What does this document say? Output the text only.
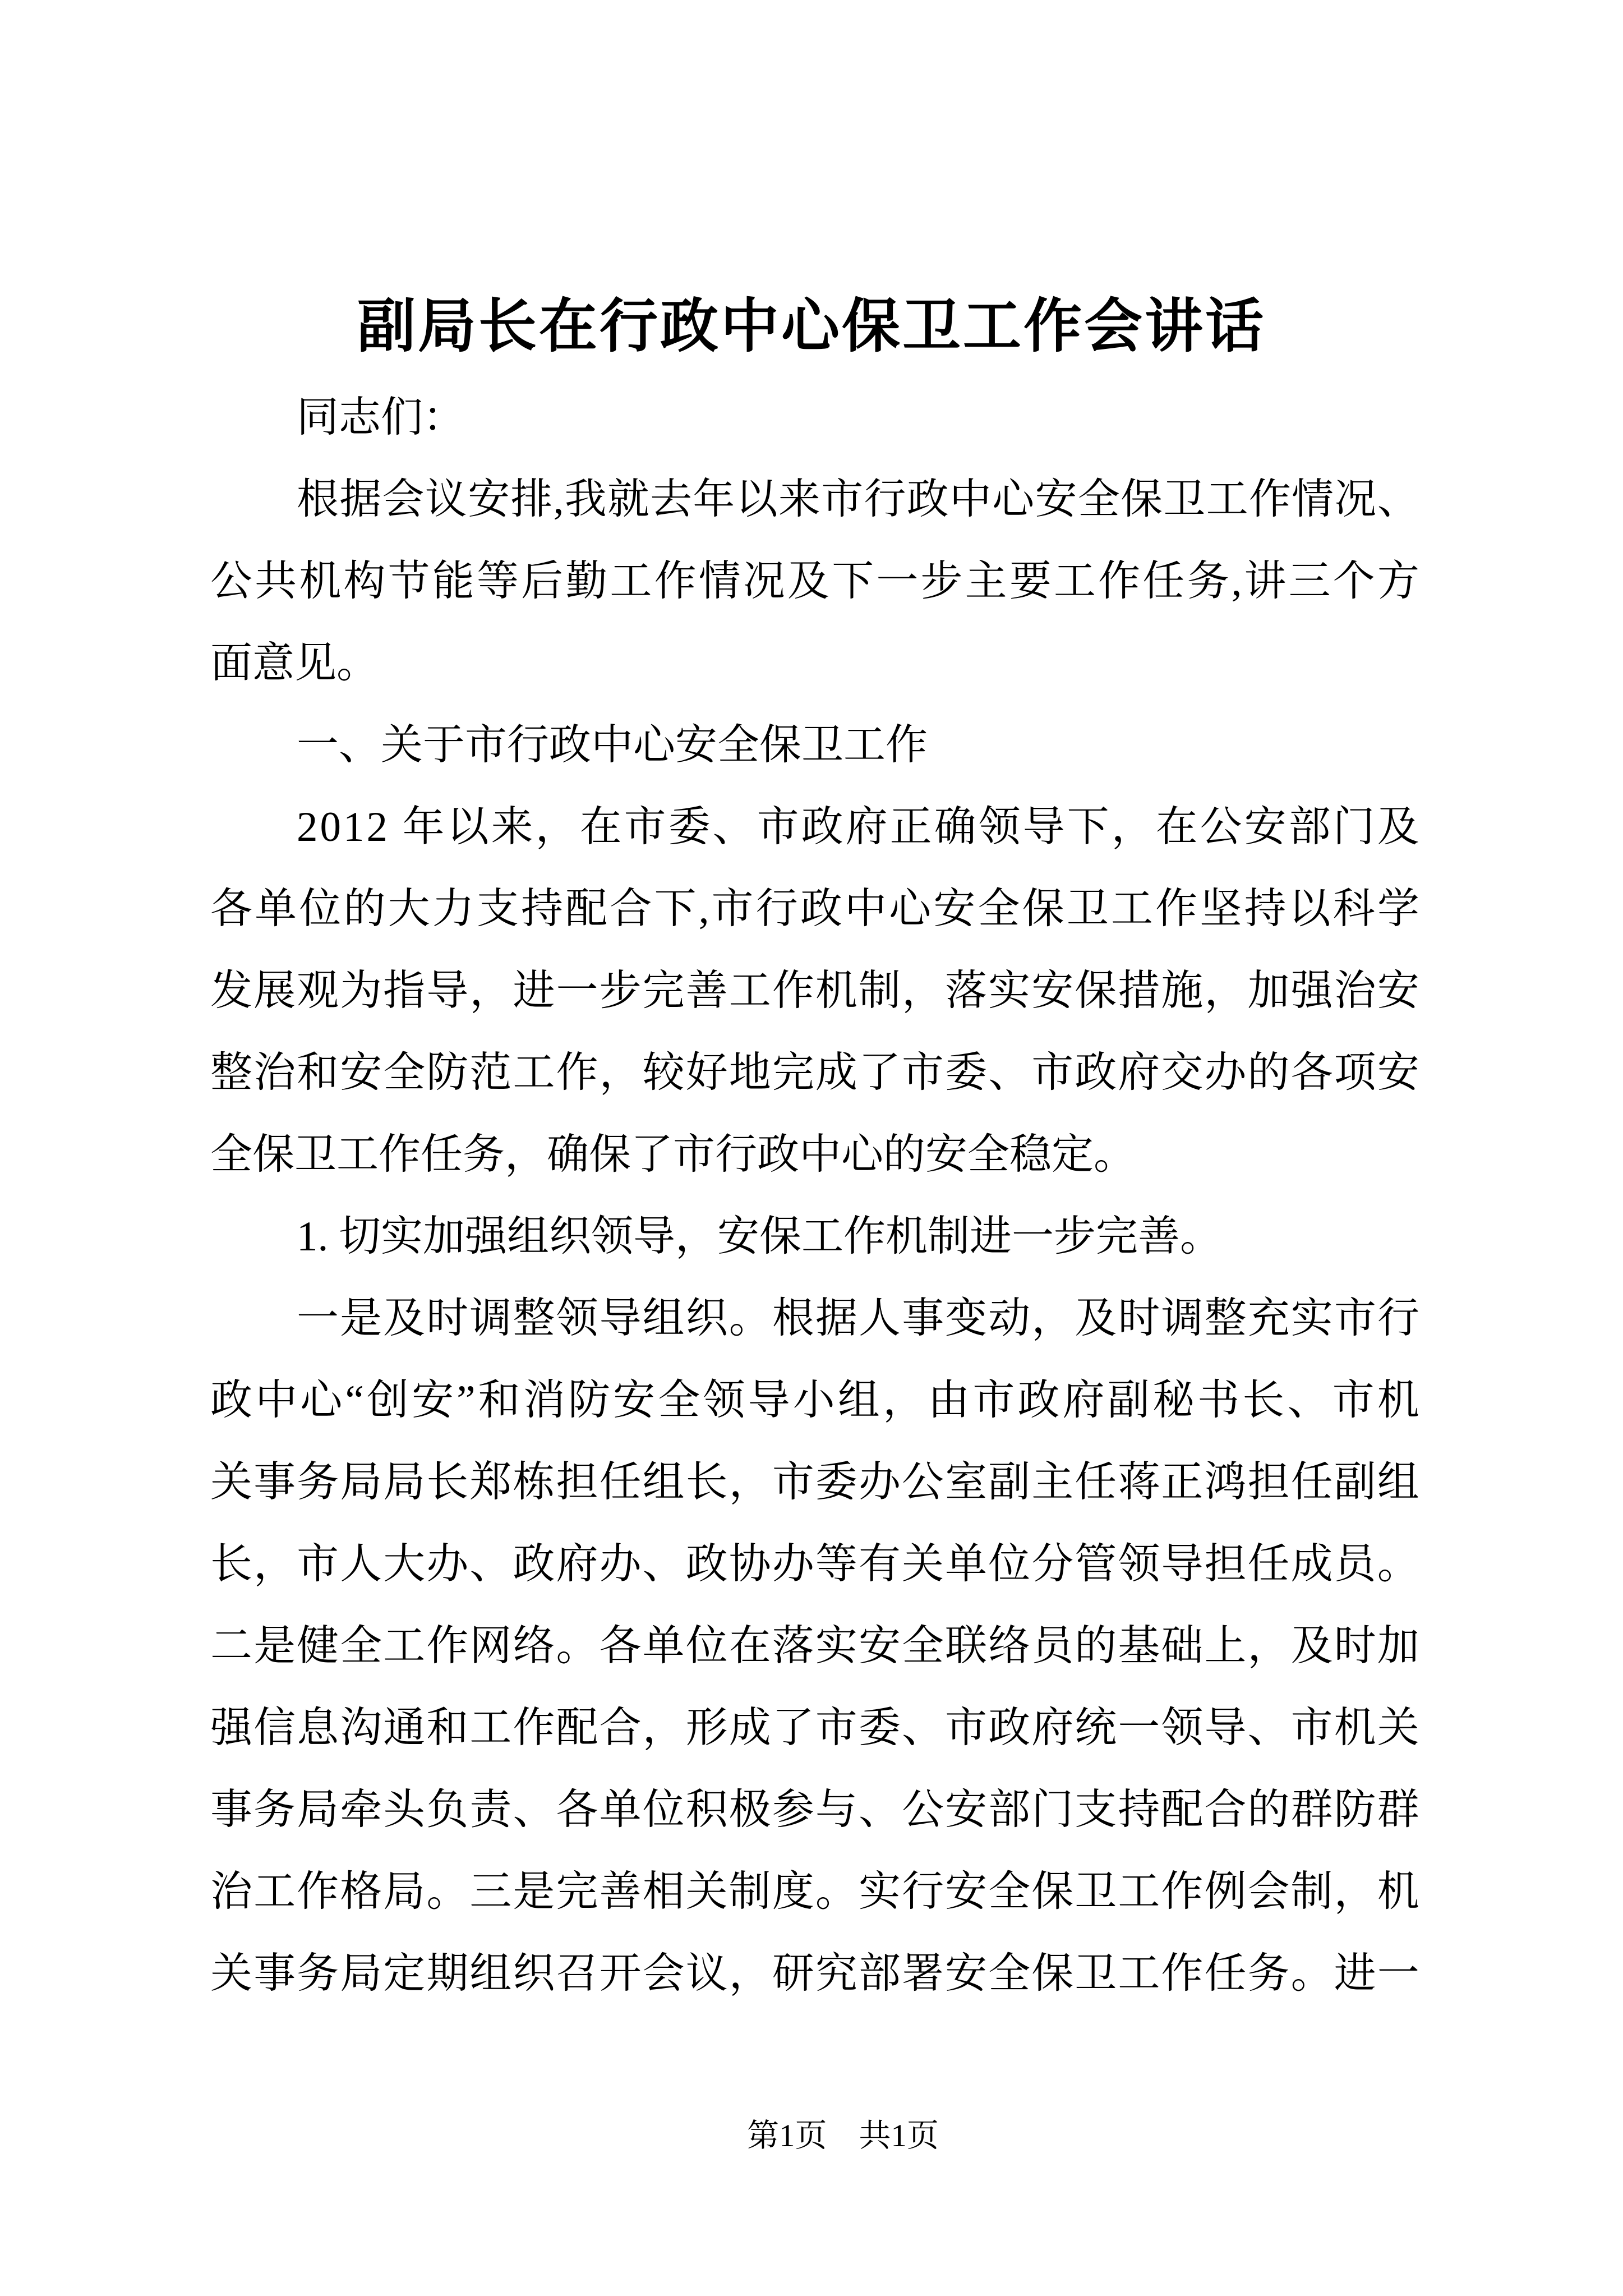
副局长在行政中心保卫工作会讲话
同志们：
根 据 会 议 安 排 , 我 就 去 年 以 来 市 行 政 中 心 安 全 保 卫 工 作 情 况 、
公 共 机 构 节 能 等 后 勤 工 作 情 况 及 下 一 步 主 要 工 作 任 务 , 讲 三 个 方
面意见。
一、关于市行政中心安全保卫工作
2 0 1 2
年 以 来 ， 在 市 委 、 市 政 府 正 确 领 导 下 ， 在 公 安 部 门 及
各 单 位 的 大 力 支 持 配 合 下 , 市 行 政 中 心 安 全 保 卫 工 作 坚 持 以 科 学
发 展 观 为 指 导 ， 进 一 步 完 善 工 作 机 制 ， 落 实 安 保 措 施 ， 加 强 治 安
整 治 和 安 全 防 范 工 作 ， 较 好 地 完 成 了 市 委 、 市 政 府 交 办 的 各 项 安
全保卫工作任务，确保了市行政中心的安全稳定。
1. 切实加强组织领导，安保工作机制进一步完善。
一 是 及 时 调 整 领 导 组 织 。 根 据 人 事 变 动 ， 及 时 调 整 充 实 市 行
政 中 心 “ 创 安 ” 和 消 防 安 全 领 导 小 组 ， 由 市 政 府 副 秘 书 长 、 市 机
关 事 务 局 局 长 郑 栋 担 任 组 长 ， 市 委 办 公 室 副 主 任 蒋 正 鸿 担 任 副 组
长 ， 市 人 大 办 、 政 府 办 、 政 协 办 等 有 关 单 位 分 管 领 导 担 任 成 员 。
二 是 健 全 工 作 网 络 。 各 单 位 在 落 实 安 全 联 络 员 的 基 础 上 ， 及 时 加
强 信 息 沟 通 和 工 作 配 合 ， 形 成 了 市 委 、 市 政 府 统 一 领 导 、 市 机 关
事 务 局 牵 头 负 责 、 各 单 位 积 极 参 与 、 公 安 部 门 支 持 配 合 的 群 防 群
治 工 作 格 局 。 三 是 完 善 相 关 制 度 。 实 行 安 全 保 卫 工 作 例 会 制 ， 机
关 事 务 局 定 期 组 织 召 开 会 议 ， 研 究 部 署 安 全 保 卫 工 作 任 务 。 进 一
第1页　共1页
